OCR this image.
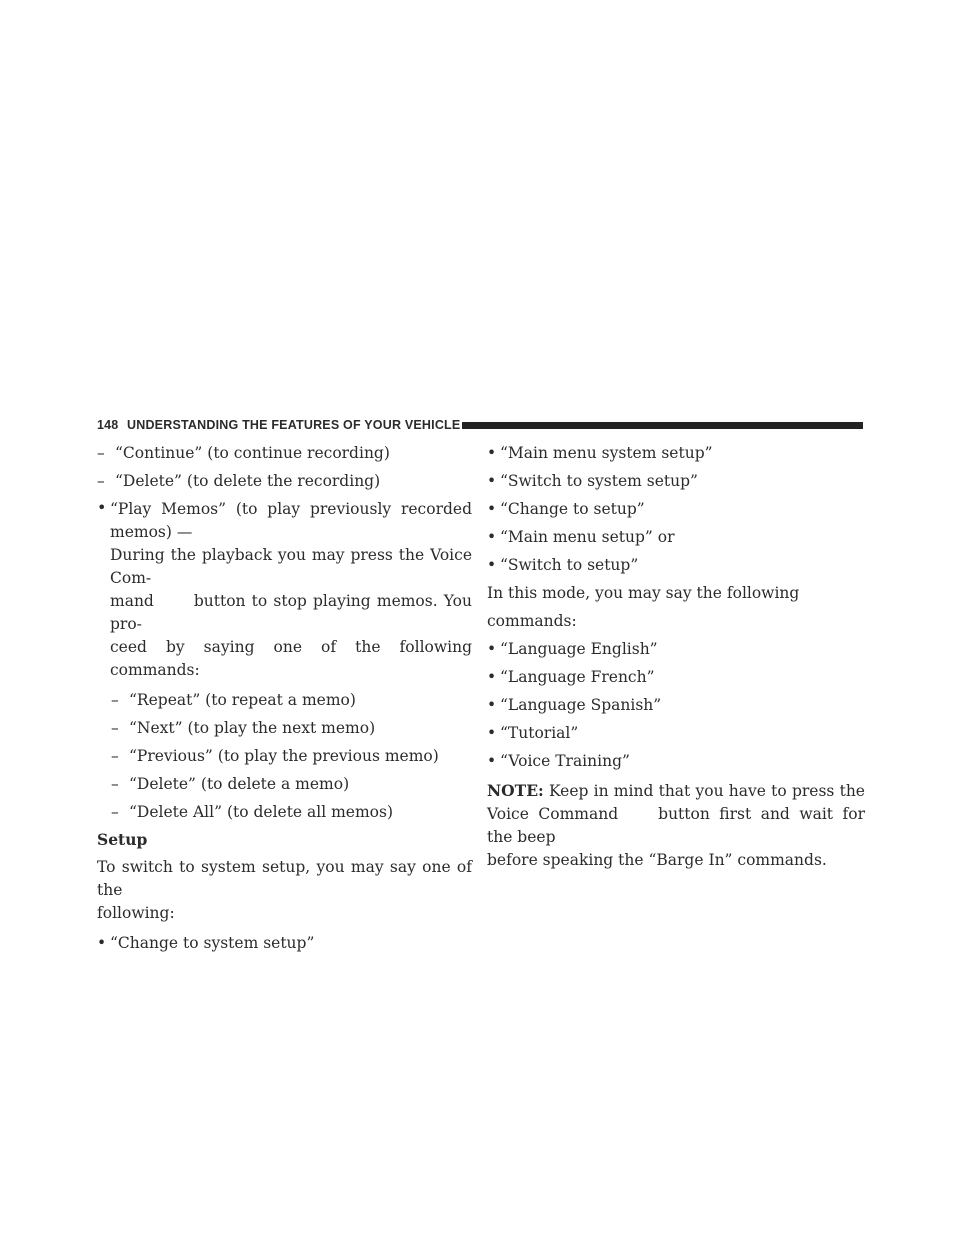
148 UNDERSTANDING THE FEATURES OF YOUR VEHICLE
– “Continue” (to continue recording)
– “Delete” (to delete the recording)

• “Play Memos” (to play previously recorded memos) —

During the playback you may press the Voice Com-

mand	button to stop playing memos. You pro-

ceed by saying one of the following commands:

– “Repeat” (to repeat a memo)
– “Next” (to play the next memo)
– “Previous” (to play the previous memo)
– “Delete” (to delete a memo)
– “Delete All” (to delete all memos)
Setup
To switch to system setup, you may say one of the
following:
• “Change to system setup”
• “Main menu system setup”
• “Switch to system setup”
• “Change to setup”
• “Main menu setup” or
• “Switch to setup”
In this mode, you may say the following commands:
• “Language English”
• “Language French”
• “Language Spanish”
• “Tutorial”
• “Voice Training”
NOTE: Keep in mind that you have to press the Voice Command	button first and wait for the beep
before speaking the “Barge In” commands.
